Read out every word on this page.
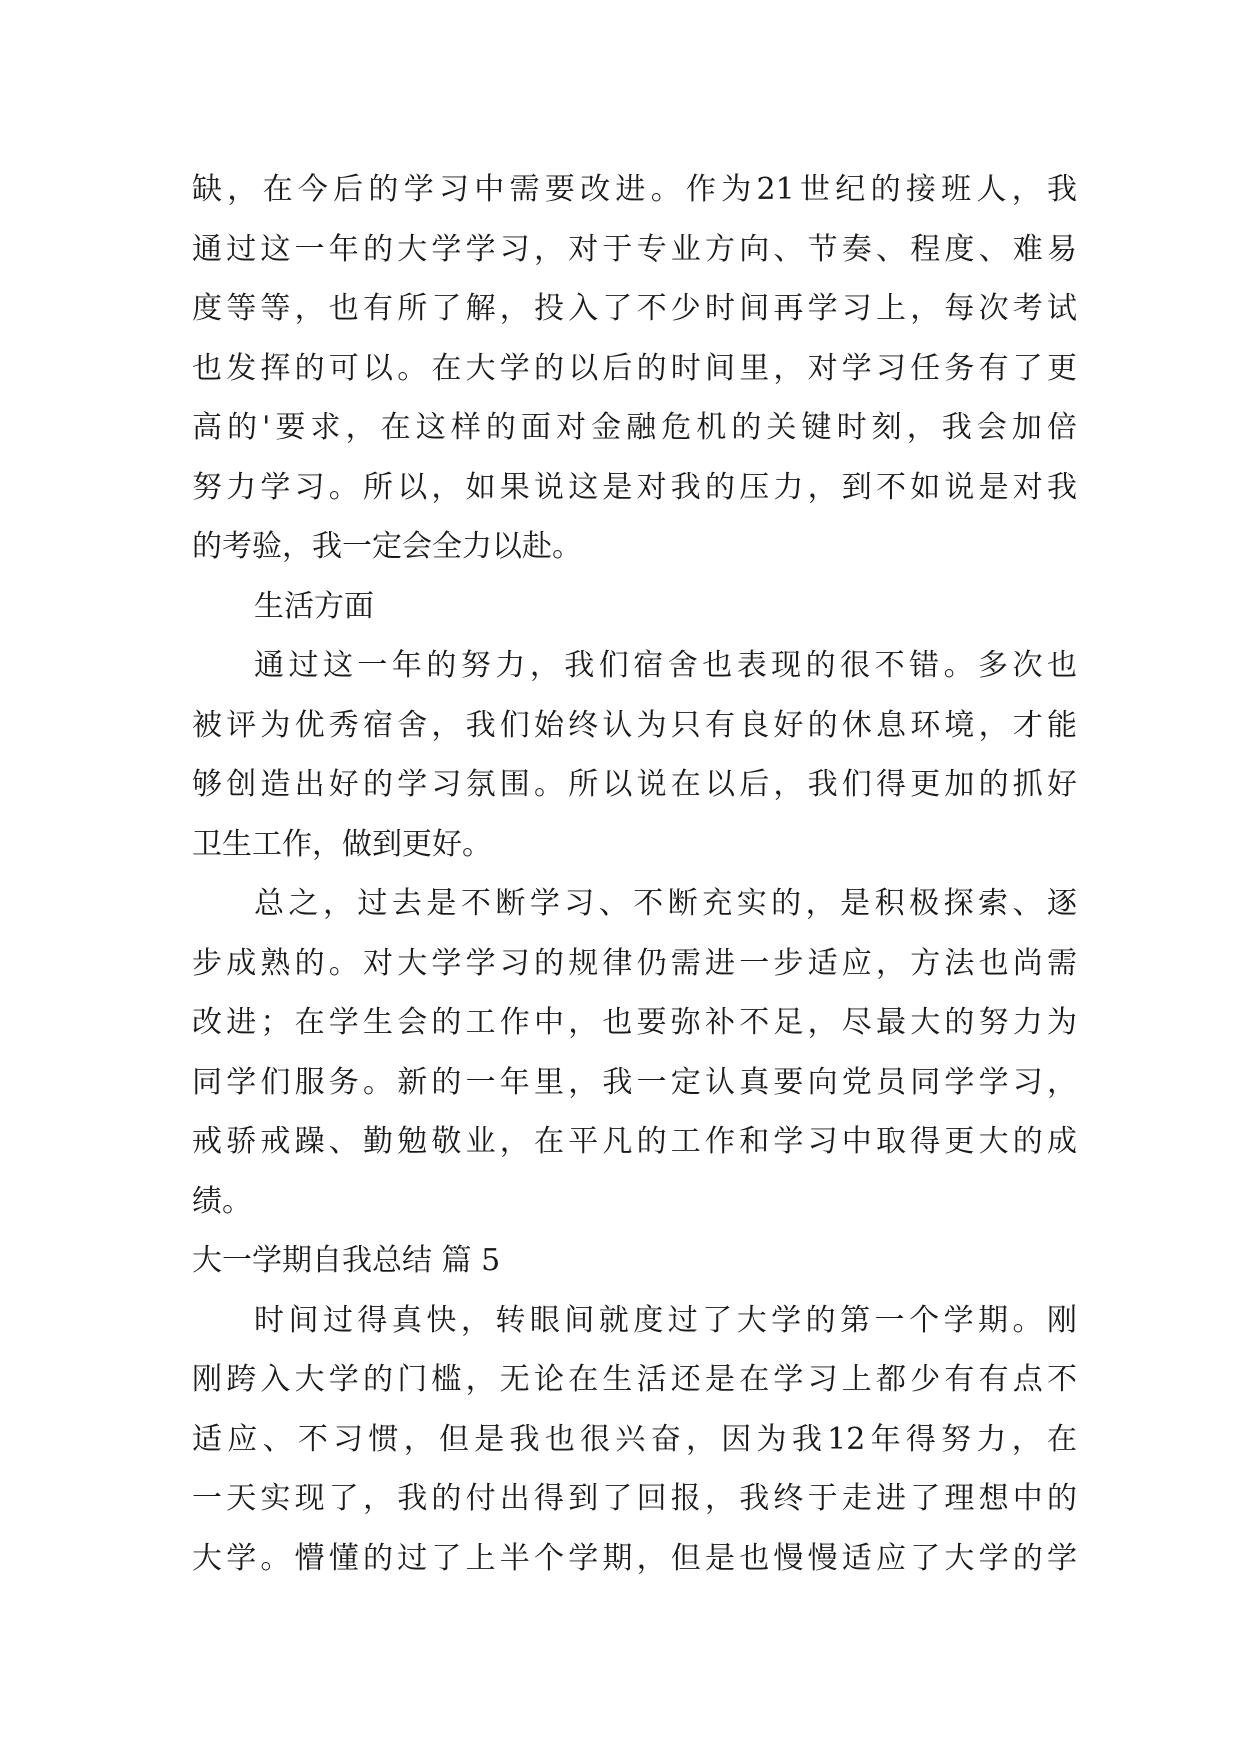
缺，在今后的学习中需要改进。作为21世纪的接班人，我
通过这一年的大学学习，对于专业方向、节奏、程度、难易
度等等，也有所了解，投入了不少时间再学习上，每次考试
也发挥的可以。在大学的以后的时间里，对学习任务有了更
高的'要求，在这样的面对金融危机的关键时刻，我会加倍
努力学习。所以，如果说这是对我的压力，到不如说是对我
的考验，我一定会全力以赴。
生活方面
通过这一年的努力，我们宿舍也表现的很不错。多次也
被评为优秀宿舍，我们始终认为只有良好的休息环境，才能
够创造出好的学习氛围。所以说在以后，我们得更加的抓好
卫生工作，做到更好。
总之，过去是不断学习、不断充实的，是积极探索、逐
步成熟的。对大学学习的规律仍需进一步适应，方法也尚需
改进；在学生会的工作中，也要弥补不足，尽最大的努力为
同学们服务。新的一年里，我一定认真要向党员同学学习，
戒骄戒躁、勤勉敬业，在平凡的工作和学习中取得更大的成
绩。
大一学期自我总结 篇 5
时间过得真快，转眼间就度过了大学的第一个学期。刚
刚跨入大学的门槛，无论在生活还是在学习上都少有有点不
适应、不习惯，但是我也很兴奋，因为我12年得努力，在
一天实现了，我的付出得到了回报，我终于走进了理想中的
大学。懵懂的过了上半个学期，但是也慢慢适应了大学的学
